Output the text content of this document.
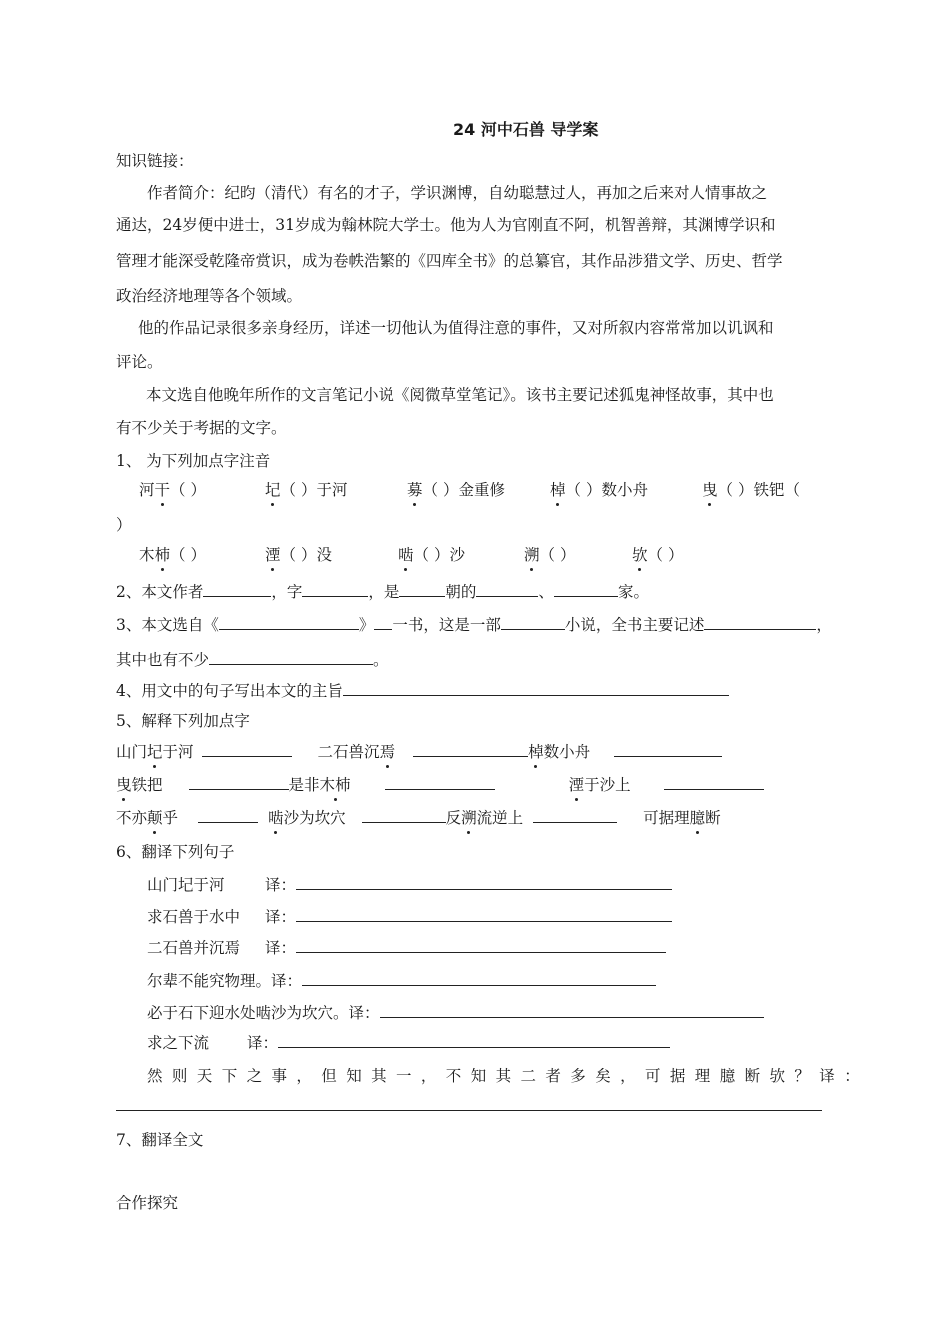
24 河中石兽 导学案
知识链接：
作者简介：纪昀（清代）有名的才子，学识渊博，自幼聪慧过人，再加之后来对人情事故之
通达，24岁便中进士，31岁成为翰林院大学士。他为人为官刚直不阿，机智善辩，其渊博学识和
管理才能深受乾隆帝赏识，成为卷帙浩繁的《四库全书》的总纂官，其作品涉猎文学、历史、哲学
政治经济地理等各个领域。
他的作品记录很多亲身经历，详述一切他认为值得注意的事件，又对所叙内容常常加以讥讽和
评论。
本文选自他晚年所作的文言笔记小说《阅微草堂笔记》。该书主要记述狐鬼神怪故事，其中也
有不少关于考据的文字。
1、 为下列加点字注音
河干（ ）	圮（ ）于河	募（ ）金重修	棹（ ）数小舟	曳（ ）铁钯（
）
木杮（ ）	湮（ ）没	啮（ ）沙	溯（ ）	欤（ ）
2、本文作者	，字	，是	朝的	、	家。
3、本文选自《	》 一书，这是一部	小说，全书主要记述	，
其中也有不少	。
4、用文中的句子写出本文的主旨
5、解释下列加点字
山门圮于河	二石兽沉焉	棹数小舟
曳铁把	是非木杮	湮于沙上
不亦颠乎	啮沙为坎穴	反溯流逆上	可据理臆断
6、翻译下列句子
山门圮于河	译：
求石兽于水中 译：
二石兽并沉焉 译：
尔辈不能究物理。译：
必于石下迎水处啮沙为坎穴。译：
求之下流 译：
然则天下之事，但知其一，不知其二者多矣，可据理臆断欤？译：
7、翻译全文
合作探究
